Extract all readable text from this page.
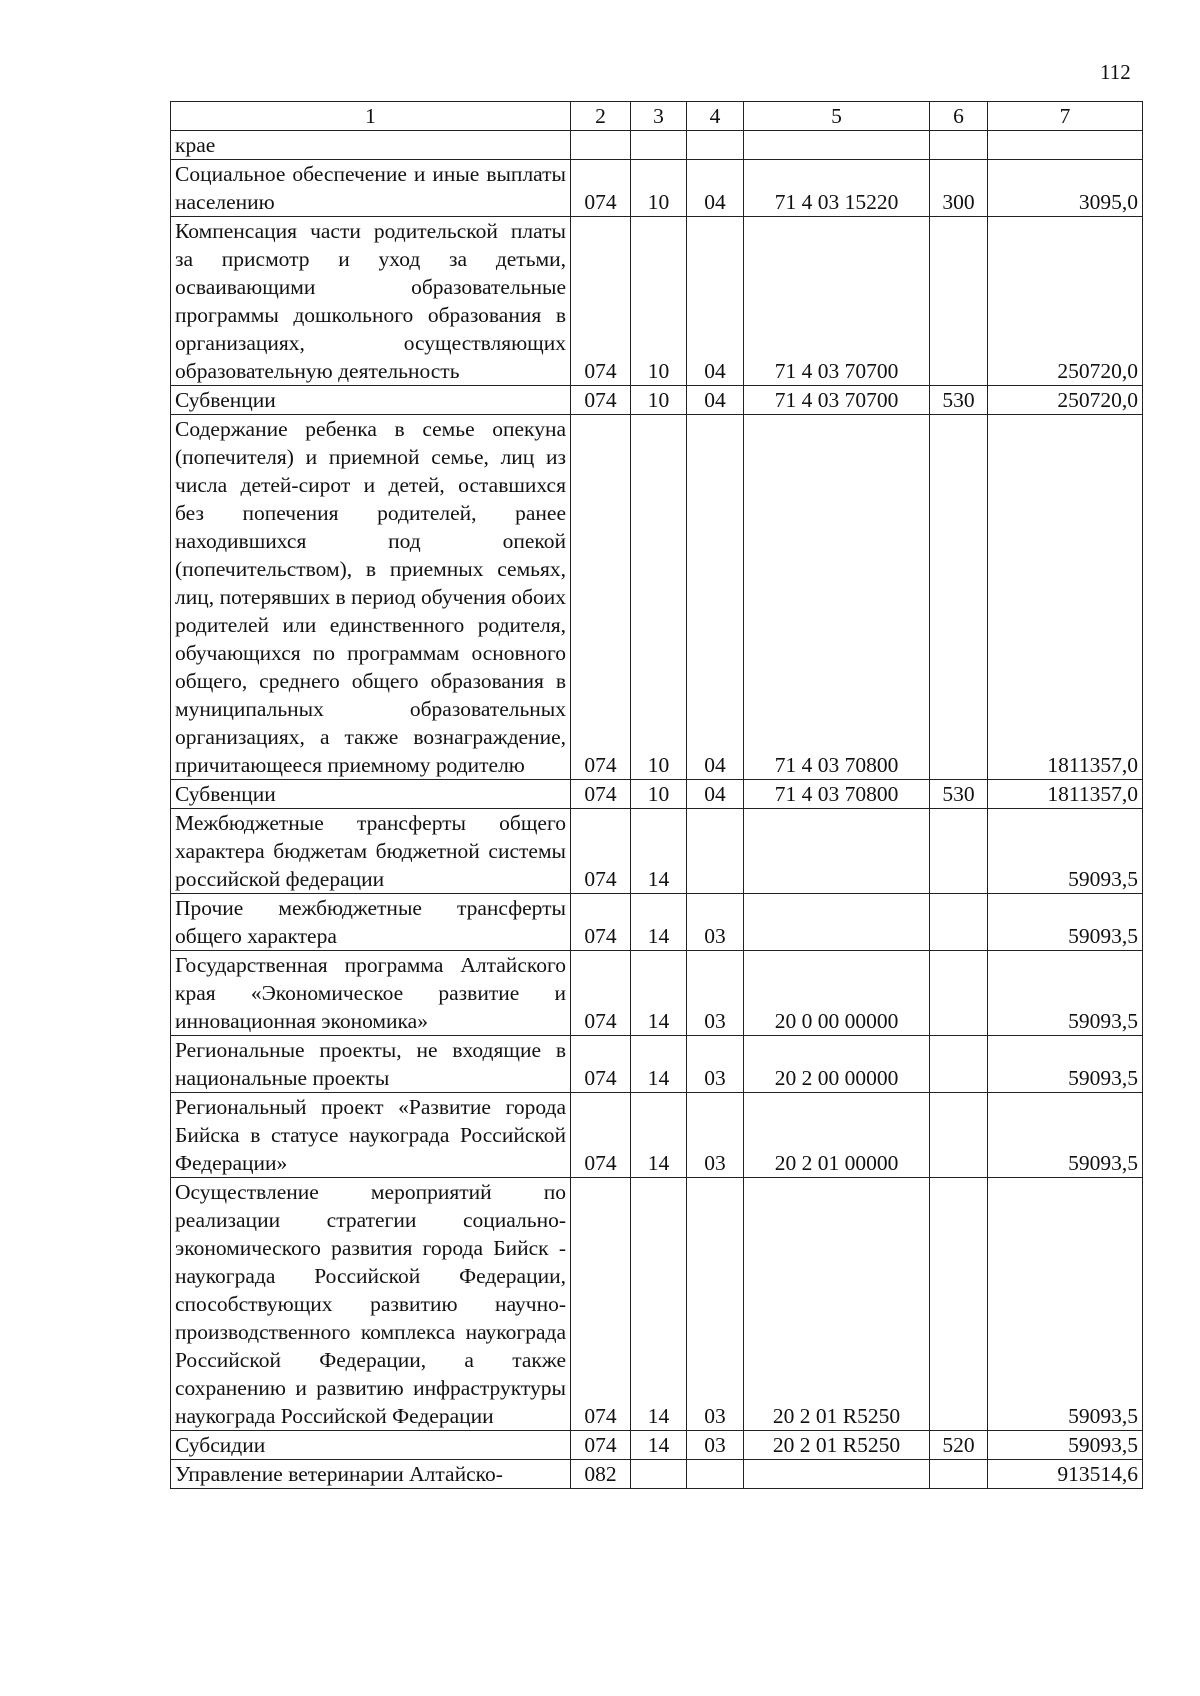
112
1	2	3	4	5	6	7
крае						
Социальное обеспечение и иные выплаты населению	074	10	04	71 4 03 15220	300	3095,0
Компенсация части родительской платы за присмотр и уход за детьми, осваивающими образовательные программы дошкольного образования в организациях, осуществляющих образовательную деятельность	074	10	04	71 4 03 70700		250720,0
Субвенции	074	10	04	71 4 03 70700	530	250720,0
Содержание ребенка в семье опекуна (попечителя) и приемной семье, лиц из числа детей-сирот и детей, оставшихся без попечения родителей, ранее находившихся под опекой (попечительством), в приемных семьях, лиц, потерявших в период обучения обоих родителей или единственного родителя, обучающихся по программам основного общего, среднего общего образования в муниципальных образовательных организациях, а также вознаграждение, причитающееся приемному родителю	074	10	04	71 4 03 70800		1811357,0
Субвенции	074	10	04	71 4 03 70800	530	1811357,0
Межбюджетные трансферты общего характера бюджетам бюджетной системы российской федерации	074	14				59093,5
Прочие межбюджетные трансферты общего характера	074	14	03			59093,5
Государственная программа Алтайского края «Экономическое развитие и инновационная экономика»	074	14	03	20 0 00 00000		59093,5
Региональные проекты, не входящие в национальные проекты	074	14	03	20 2 00 00000		59093,5
Региональный проект «Развитие города Бийска в статусе наукограда Российской Федерации»	074	14	03	20 2 01 00000		59093,5
Осуществление мероприятий по реализации стратегии социально-экономического развития города Бийск - наукограда Российской Федерации, способствующих развитию научно-производственного комплекса наукограда Российской Федерации, а также сохранению и развитию инфраструктуры наукограда Российской Федерации	074	14	03	20 2 01 R5250		59093,5
Субсидии	074	14	03	20 2 01 R5250	520	59093,5
Управление ветеринарии Алтайско-	082					913514,6
